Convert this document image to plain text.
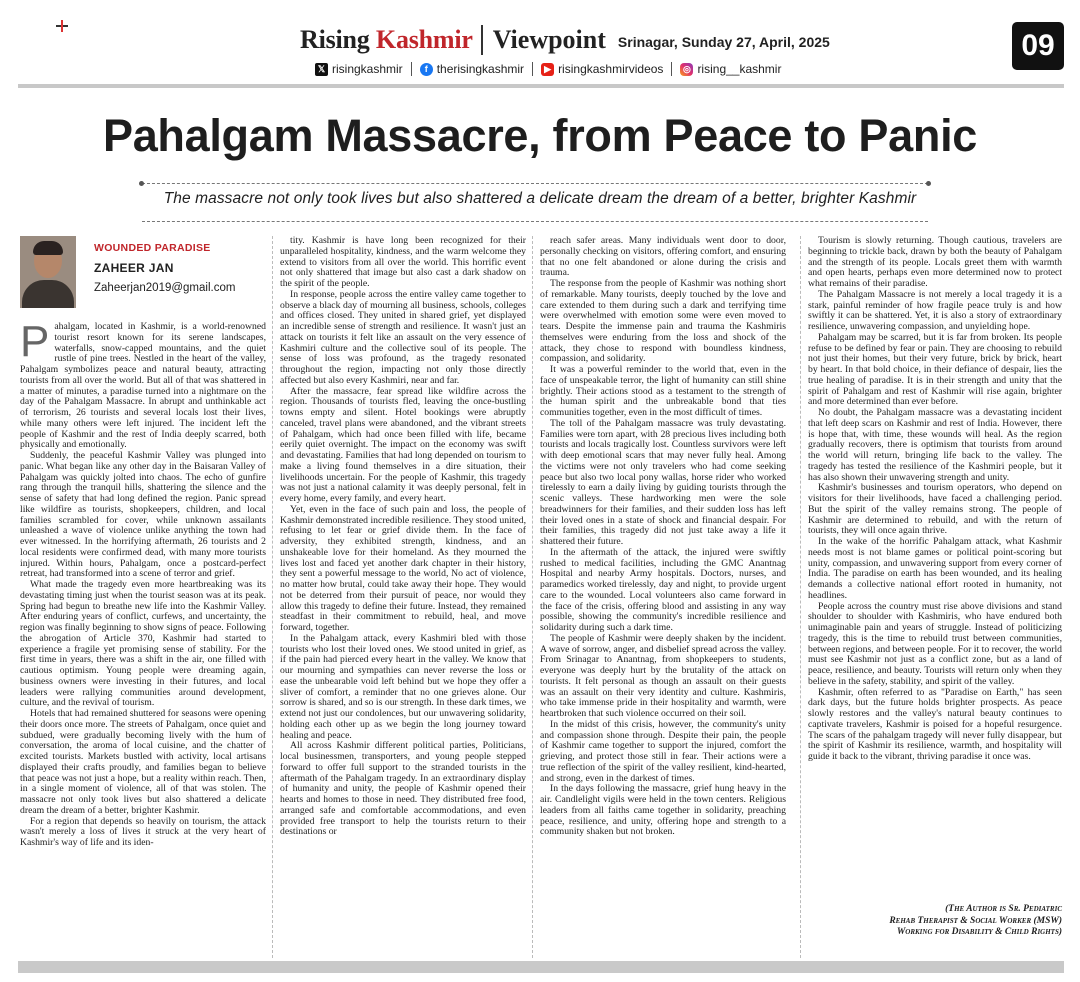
Rising Kashmir Viewpoint Srinagar, Sunday 27, April, 2025	09
𝕏 risingkashmir	f therisingkashmir	▶ risingkashmirvideos ◎ rising__kashmir
Pahalgam Massacre, from Peace to Panic
The massacre not only took lives but also shattered a delicate dream the dream of a better, brighter Kashmir
WOUNDED PARADISE
ZAHEER JAN
Zaheerjan2019@gmail.com

Pahalgam, located in Kashmir, is a world-renowned tourist resort known for its serene landscapes, waterfalls, snow-capped mountains, and the quiet rustle of pine trees. Nestled in the heart of the valley, Pahalgam symbolizes peace and natural beauty, attracting tourists from all over the world. But all of that was shattered in a matter of minutes, a paradise turned into a nightmare on the day of the Pahalgam Massacre. In abrupt and unthinkable act of terrorism, 26 tourists and several locals lost their lives, while many others were left injured. The incident left the people of Kashmir and the rest of India deeply scarred, both physically and emotionally.

Suddenly, the peaceful Kashmir Valley was plunged into panic. What began like any other day in the Baisaran Valley of Pahalgam was quickly jolted into chaos. The echo of gunfire rang through the tranquil hills, shattering the silence and the sense of safety that had long defined the region. Panic spread like wildfire as tourists, shopkeepers, children, and local families scrambled for cover, while unknown assailants unleashed a wave of violence unlike anything the town had ever witnessed. In the horrifying aftermath, 26 tourists and 2 local residents were confirmed dead, with many more tourists injured. Within hours, Pahalgam, once a postcard-perfect retreat, had transformed into a scene of terror and grief.

What made the tragedy even more heartbreaking was its devastating timing just when the tourist season was at its peak. Spring had begun to breathe new life into the Kashmir Valley. After enduring years of conflict, curfews, and uncertainty, the region was finally beginning to show signs of peace. Following the abrogation of Article 370, Kashmir had started to experience a fragile yet promising sense of stability. For the first time in years, there was a shift in the air, one filled with cautious optimism. Young people were dreaming again, business owners were investing in their futures, and local leaders were rallying communities around development, culture, and the revival of tourism.

Hotels that had remained shuttered for seasons were opening their doors once more. The streets of Pahalgam, once quiet and subdued, were gradually becoming lively with the hum of conversation, the aroma of local cuisine, and the chatter of excited tourists. Markets bustled with activity, local artisans displayed their crafts proudly, and families began to believe that peace was not just a hope, but a reality within reach. Then, in a single moment of violence, all of that was stolen. The massacre not only took lives but also shattered a delicate dream the dream of a better, brighter Kashmir.

For a region that depends so heavily on tourism, the attack wasn't merely a loss of lives it struck at the very heart of Kashmir's way of life and its iden-

tity. Kashmir is have long been recognized for their unparalleled hospitality, kindness, and the warm welcome they extend to visitors from all over the world. This horrific event not only shattered that image but also cast a dark shadow on the spirit of the people.

In response, people across the entire valley came together to observe a black day of mourning all business, schools, colleges and offices closed. They united in shared grief, yet displayed an incredible sense of strength and resilience. It wasn't just an attack on tourists it felt like an assault on the very essence of Kashmiri culture and the collective soul of its people. The sense of loss was profound, as the tragedy resonated throughout the region, impacting not only those directly affected but also every Kashmiri, near and far.

After the massacre, fear spread like wildfire across the region. Thousands of tourists fled, leaving the once-bustling towns empty and silent. Hotel bookings were abruptly canceled, travel plans were abandoned, and the vibrant streets of Pahalgam, which had once been filled with life, became eerily quiet overnight. The impact on the economy was swift and devastating. Families that had long depended on tourism to make a living found themselves in a dire situation, their livelihoods uncertain. For the people of Kashmir, this tragedy was not just a national calamity it was deeply personal, felt in every home, every family, and every heart.

Yet, even in the face of such pain and loss, the people of Kashmir demonstrated incredible resilience. They stood united, refusing to let fear or grief divide them. In the face of adversity, they exhibited strength, kindness, and an unshakeable love for their homeland. As they mourned the lives lost and faced yet another dark chapter in their history, they sent a powerful message to the world, No act of violence, no matter how brutal, could take away their hope. They would not be deterred from their pursuit of peace, nor would they allow this tragedy to define their future. Instead, they remained steadfast in their commitment to rebuild, heal, and move forward, together.

In the Pahalgam attack, every Kashmiri bled with those tourists who lost their loved ones. We stood united in grief, as if the pain had pierced every heart in the valley. We know that our mourning and sympathies can never reverse the loss or ease the unbearable void left behind but we hope they offer a sliver of comfort, a reminder that no one grieves alone. Our sorrow is shared, and so is our strength. In these dark times, we extend not just our condolences, but our unwavering solidarity, holding each other up as we begin the long journey toward healing and peace.

All across Kashmir different political parties, Politicians, local businessmen, transporters, and young people stepped forward to offer full support to the stranded tourists in the aftermath of the Pahalgam tragedy. In an extraordinary display of humanity and unity, the people of Kashmir opened their hearts and homes to those in need. They distributed free food, arranged safe and comfortable accommodations, and even provided free transport to help the tourists return to their destinations or

reach safer areas. Many individuals went door to door, personally checking on visitors, offering comfort, and ensuring that no one felt abandoned or alone during the crisis and trauma.

The response from the people of Kashmir was nothing short of remarkable. Many tourists, deeply touched by the love and care extended to them during such a dark and terrifying time were overwhelmed with emotion some were even moved to tears. Despite the immense pain and trauma the Kashmiris themselves were enduring from the loss and shock of the attack, they chose to respond with boundless kindness, compassion, and solidarity.

It was a powerful reminder to the world that, even in the face of unspeakable terror, the light of humanity can still shine brightly. Their actions stood as a testament to the strength of the human spirit and the unbreakable bond that ties communities together, even in the most difficult of times.

The toll of the Pahalgam massacre was truly devastating. Families were torn apart, with 28 precious lives including both tourists and locals tragically lost. Countless survivors were left with deep emotional scars that may never fully heal. Among the victims were not only travelers who had come seeking peace but also two local pony wallas, horse rider who worked tirelessly to earn a daily living by guiding tourists through the scenic valleys. These hardworking men were the sole breadwinners for their families, and their sudden loss has left their loved ones in a state of shock and financial despair. For their families, this tragedy did not just take away a life it shattered their future.

In the aftermath of the attack, the injured were swiftly rushed to medical facilities, including the GMC Anantnag Hospital and nearby Army hospitals. Doctors, nurses, and paramedics worked tirelessly, day and night, to provide urgent care to the wounded. Local volunteers also came forward in the face of the crisis, offering blood and assisting in any way possible, showing the community's incredible resilience and solidarity during such a dark time.

The people of Kashmir were deeply shaken by the incident. A wave of sorrow, anger, and disbelief spread across the valley. From Srinagar to Anantnag, from shopkeepers to students, everyone was deeply hurt by the brutality of the attack on tourists. It felt personal as though an assault on their guests was an assault on their very identity and culture. Kashmiris, who take immense pride in their hospitality and warmth, were heartbroken that such violence occurred on their soil.

In the midst of this crisis, however, the community's unity and compassion shone through. Despite their pain, the people of Kashmir came together to support the injured, comfort the grieving, and protect those still in fear. Their actions were a true reflection of the spirit of the valley resilient, kind-hearted, and strong, even in the darkest of times.

In the days following the massacre, grief hung heavy in the air. Candlelight vigils were held in the town centers. Religious leaders from all faiths came together in solidarity, preaching peace, resilience, and unity, offering hope and strength to a community shaken but not broken.

Tourism is slowly returning. Though cautious, travelers are beginning to trickle back, drawn by both the beauty of Pahalgam and the strength of its people. Locals greet them with warmth and open hearts, perhaps even more determined now to protect what remains of their paradise.

The Pahalgam Massacre is not merely a local tragedy it is a stark, painful reminder of how fragile peace truly is and how swiftly it can be shattered. Yet, it is also a story of extraordinary resilience, unwavering compassion, and unyielding hope.

Pahalgam may be scarred, but it is far from broken. Its people refuse to be defined by fear or pain. They are choosing to rebuild not just their homes, but their very future, brick by brick, heart by heart. In that bold choice, in their defiance of despair, lies the true healing of paradise. It is in their strength and unity that the spirit of Pahalgam and rest of Kashmir will rise again, brighter and more determined than ever before.

No doubt, the Pahalgam massacre was a devastating incident that left deep scars on Kashmir and rest of India. However, there is hope that, with time, these wounds will heal. As the region gradually recovers, there is optimism that tourists from around the world will return, bringing life back to the valley. The tragedy has tested the resilience of the Kashmiri people, but it has also shown their unwavering strength and unity.

Kashmir's businesses and tourism operators, who depend on visitors for their livelihoods, have faced a challenging period. But the spirit of the valley remains strong. The people of Kashmir are determined to rebuild, and with the return of tourists, they will once again thrive.

In the wake of the horrific Pahalgam attack, what Kashmir needs most is not blame games or political point-scoring but unity, compassion, and unwavering support from every corner of India. The paradise on earth has been wounded, and its healing demands a collective national effort rooted in humanity, not headlines.

People across the country must rise above divisions and stand shoulder to shoulder with Kashmiris, who have endured both unimaginable pain and years of struggle. Instead of politicizing tragedy, this is the time to rebuild trust between communities, between regions, and between people. For it to recover, the world must see Kashmir not just as a conflict zone, but as a land of peace, resilience, and beauty. Tourists will return only when they believe in the safety, stability, and spirit of the valley.

Kashmir, often referred to as "Paradise on Earth," has seen dark days, but the future holds brighter prospects. As peace slowly restores and the valley's natural beauty continues to captivate travelers, Kashmir is poised for a hopeful resurgence. The scars of the pahalgam tragedy will never fully disappear, but the spirit of Kashmir its resilience, warmth, and hospitality will guide it back to the vibrant, thriving paradise it once was.

(The Author is Sr. Pediatric
Rehab Therapist & Social Worker (MSW)
Working for Disability & Child Rights)
